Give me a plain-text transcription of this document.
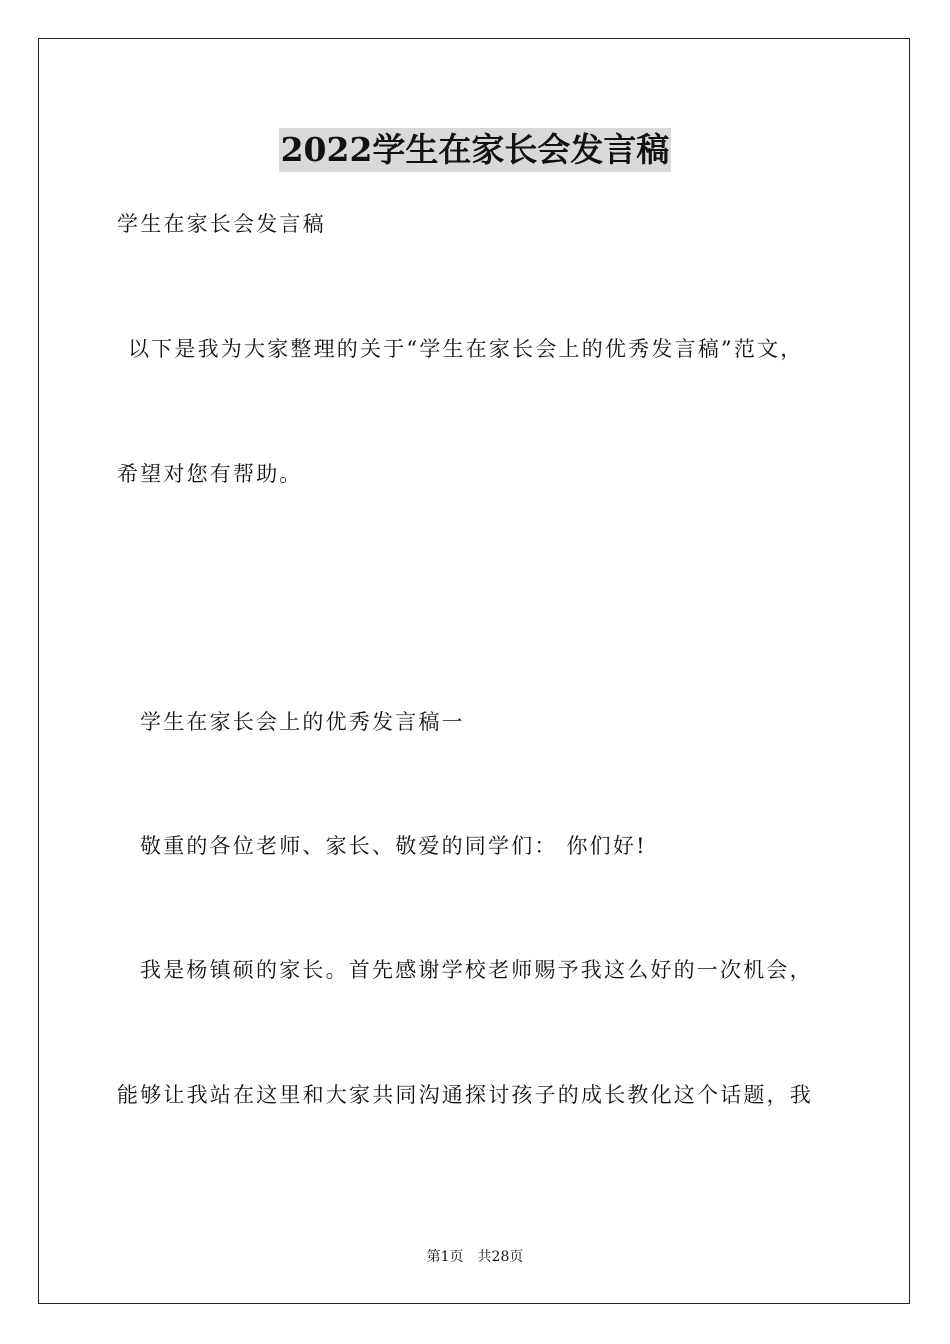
2022学生在家长会发言稿
学生在家长会发言稿
以下是我为大家整理的关于“学生在家长会上的优秀发言稿”范文，
希望对您有帮助。
学生在家长会上的优秀发言稿一
敬重的各位老师、家长、敬爱的同学们： 你们好!
我是杨镇硕的家长。首先感谢学校老师赐予我这么好的一次机会，
能够让我站在这里和大家共同沟通探讨孩子的成长教化这个话题，我
第1页　共28页
